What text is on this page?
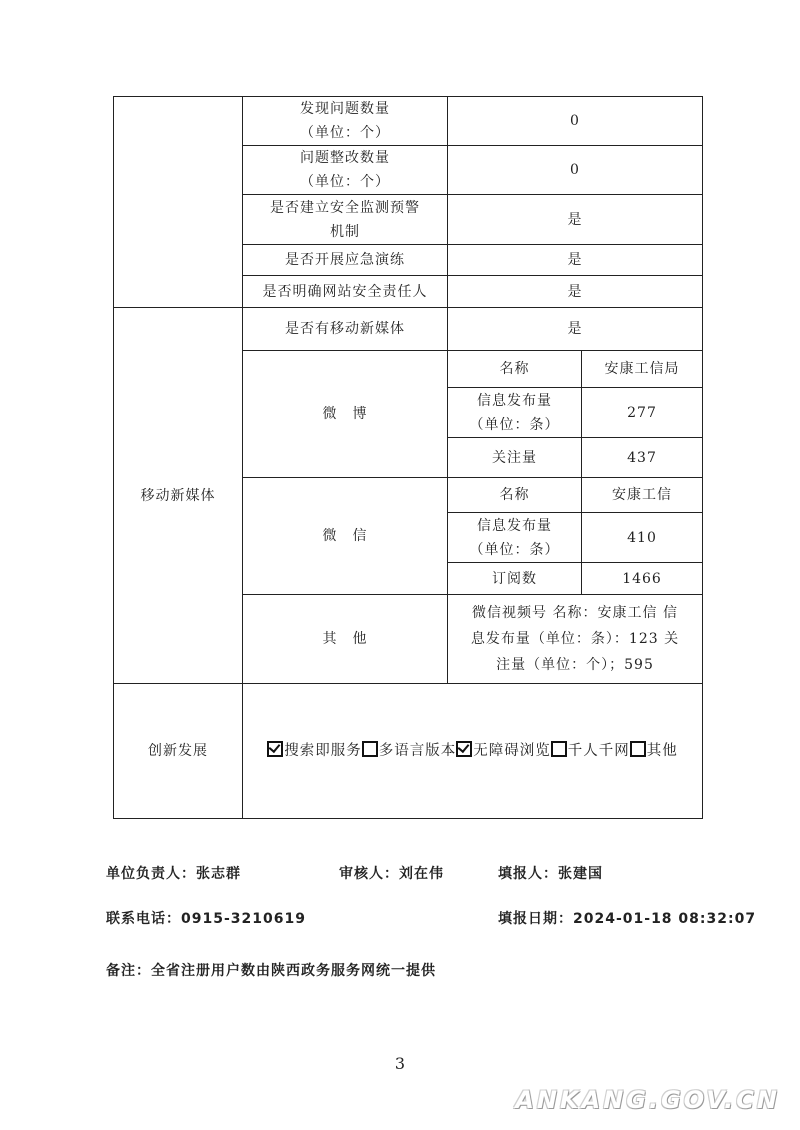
	发现问题数量
（单位：个）	0	
	问题整改数量
（单位：个）	0	
	是否建立安全监测预警
机制	是	
	是否开展应急演练	是	
	是否明确网站安全责任人	是	
移动新媒体	是否有移动新媒体	是	
	微　博	名称	安康工信局
		信息发布量
（单位：条）	277
		关注量	437
	微　信	名称	安康工信
		信息发布量
（单位：条）	410
		订阅数	1466
	其　他	微信视频号 名称：安康工信 信
息发布量（单位：条）：123 关
注量（单位：个）；595	
创新发展	搜索即服务 多语言版本 无障碍浏览 千人千网 其他		
单位负责人：张志群	审核人：刘在伟	填报人：张建国
联系电话：0915-3210619	填报日期：2024-01-18 08:32:07
备注：全省注册用户数由陕西政务服务网统一提供
3
ANKANG.GOV.CN
